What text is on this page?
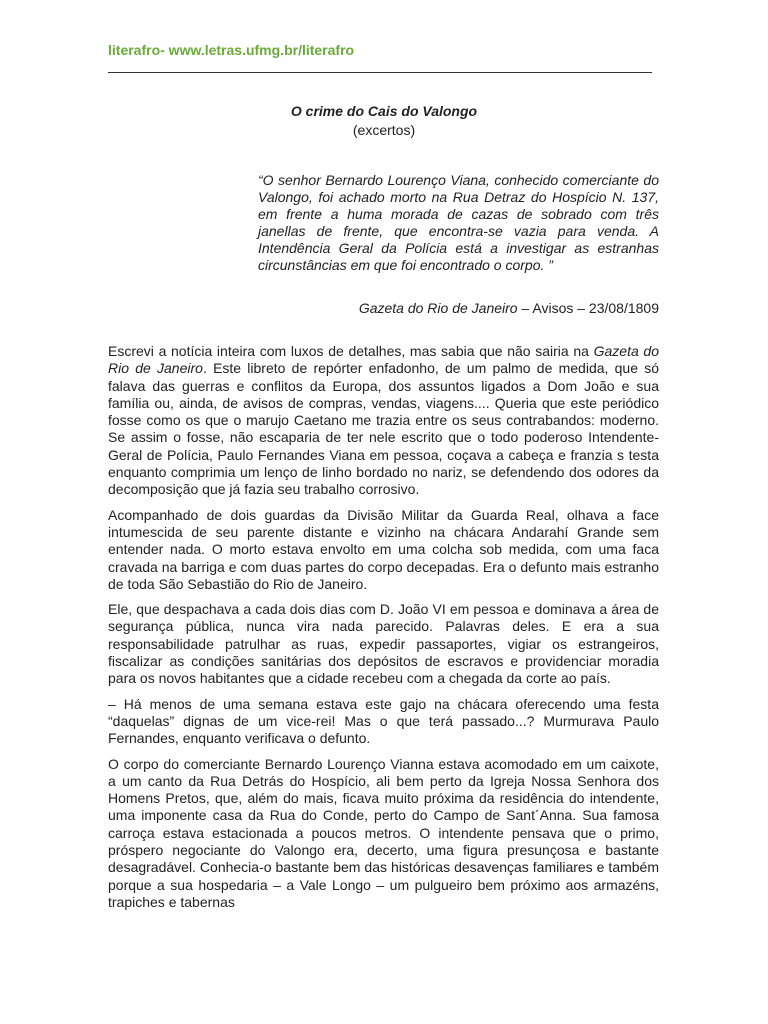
literafro- www.letras.ufmg.br/literafro
O crime do Cais do Valongo
(excertos)
“O senhor Bernardo Lourenço Viana, conhecido comerciante do Valongo, foi achado morto na Rua Detraz do Hospício N. 137, em frente a huma morada de cazas de sobrado com três janellas de frente, que encontra-se vazia para venda. A Intendência Geral da Polícia está a investigar as estranhas circunstâncias em que foi encontrado o corpo. ”
Gazeta do Rio de Janeiro – Avisos – 23/08/1809

Escrevi a notícia inteira com luxos de detalhes, mas sabia que não sairia na Gazeta do Rio de Janeiro. Este libreto de repórter enfadonho, de um palmo de medida, que só falava das guerras e conflitos da Europa, dos assuntos ligados a Dom João e sua família ou, ainda, de avisos de compras, vendas, viagens.... Queria que este periódico fosse como os que o marujo Caetano me trazia entre os seus contrabandos: moderno. Se assim o fosse, não escaparia de ter nele escrito que o todo poderoso Intendente-Geral de Polícia, Paulo Fernandes Viana em pessoa, coçava a cabeça e franzia s testa enquanto comprimia um lenço de linho bordado no nariz, se defendendo dos odores da decomposição que já fazia seu trabalho corrosivo.

Acompanhado de dois guardas da Divisão Militar da Guarda Real, olhava a face intumescida de seu parente distante e vizinho na chácara Andarahí Grande sem entender nada. O morto estava envolto em uma colcha sob medida, com uma faca cravada na barriga e com duas partes do corpo decepadas. Era o defunto mais estranho de toda São Sebastião do Rio de Janeiro.

Ele, que despachava a cada dois dias com D. João VI em pessoa e dominava a área de segurança pública, nunca vira nada parecido. Palavras deles. E era a sua responsabilidade patrulhar as ruas, expedir passaportes, vigiar os estrangeiros, fiscalizar as condições sanitárias dos depósitos de escravos e providenciar moradia para os novos habitantes que a cidade recebeu com a chegada da corte ao país.

– Há menos de uma semana estava este gajo na chácara oferecendo uma festa “daquelas” dignas de um vice-rei! Mas o que terá passado...? Murmurava Paulo Fernandes, enquanto verificava o defunto.

O corpo do comerciante Bernardo Lourenço Vianna estava acomodado em um caixote, a um canto da Rua Detrás do Hospício, ali bem perto da Igreja Nossa Senhora dos Homens Pretos, que, além do mais, ficava muito próxima da residência do intendente, uma imponente casa da Rua do Conde, perto do Campo de Sant´Anna. Sua famosa carroça estava estacionada a poucos metros. O intendente pensava que o primo, próspero negociante do Valongo era, decerto, uma figura presunçosa e bastante desagradável. Conhecia-o bastante bem das históricas desavenças familiares e também porque a sua hospedaria – a Vale Longo – um pulgueiro bem próximo aos armazéns, trapiches e tabernas
